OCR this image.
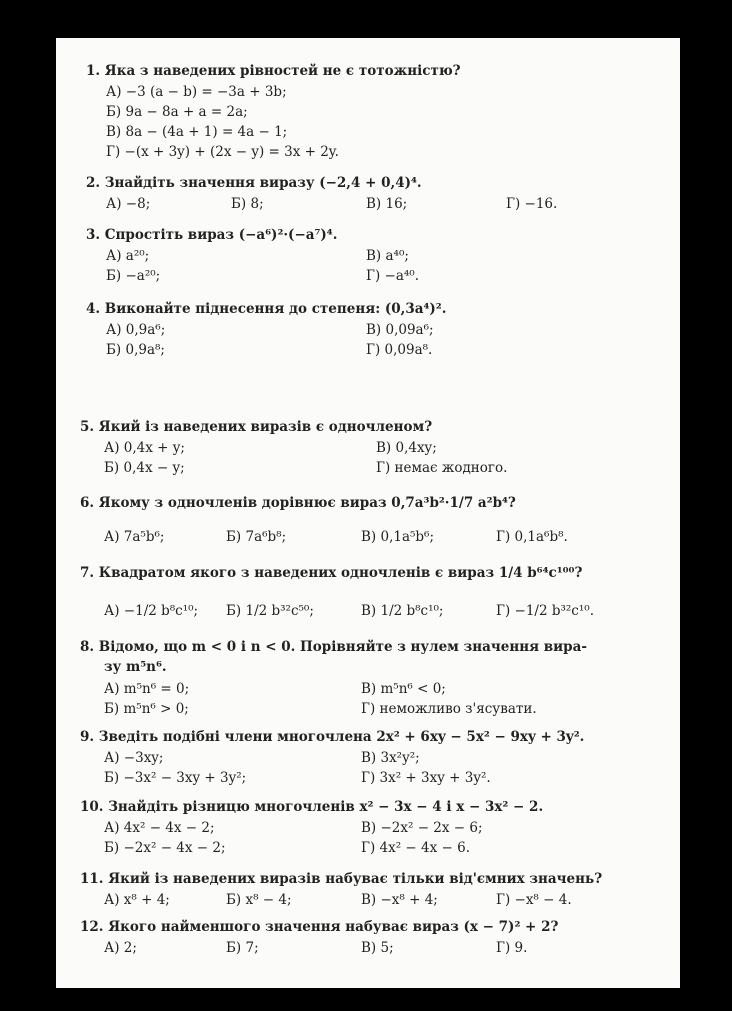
1. Яка з наведених рівностей не є тотожністю?
А) −3 (a − b) = −3a + 3b;
Б) 9a − 8a + a = 2a;
В) 8a − (4a + 1) = 4a − 1;
Г) −(x + 3y) + (2x − y) = 3x + 2y.
2. Знайдіть значення виразу (−2,4 + 0,4)⁴.
А) −8;	Б) 8;	В) 16;	Г) −16.
3. Спростіть вираз (−a⁶)²·(−a⁷)⁴.
А) a²⁰;	В) a⁴⁰;
Б) −a²⁰;	Г) −a⁴⁰.
4. Виконайте піднесення до степеня: (0,3a⁴)².
А) 0,9a⁶;	В) 0,09a⁶;
Б) 0,9a⁸;	Г) 0,09a⁸.
5. Який із наведених виразів є одночленом?
А) 0,4x + y;	В) 0,4xy;
Б) 0,4x − y;	Г) немає жодного.
6. Якому з одночленів дорівнює вираз 0,7a³b²·1/7 a²b⁴?
А) 7a⁵b⁶;	Б) 7a⁶b⁸;	В) 0,1a⁵b⁶;	Г) 0,1a⁶b⁸.
7. Квадратом якого з наведених одночленів є вираз 1/4 b⁶⁴c¹⁰⁰?
А) −1/2 b⁸c¹⁰; Б) 1/2 b³²c⁵⁰;	В) 1/2 b⁸c¹⁰;	Г) −1/2 b³²c¹⁰.
8. Відомо, що m < 0 і n < 0. Порівняйте з нулем значення вира-
зу m⁵n⁶.
А) m⁵n⁶ = 0;	В) m⁵n⁶ < 0;
Б) m⁵n⁶ > 0;	Г) неможливо з'ясувати.
9. Зведіть подібні члени многочлена 2x² + 6xy − 5x² − 9xy + 3y².
А) −3xy;	В) 3x²y²;
Б) −3x² − 3xy + 3y²;	Г) 3x² + 3xy + 3y².
10. Знайдіть різницю многочленів x² − 3x − 4 і x − 3x² − 2.
А) 4x² − 4x − 2;	В) −2x² − 2x − 6;
Б) −2x² − 4x − 2;	Г) 4x² − 4x − 6.
11. Який із наведених виразів набуває тільки від'ємних значень?
А) x⁸ + 4;	Б) x⁸ − 4;	В) −x⁸ + 4;	Г) −x⁸ − 4.
12. Якого найменшого значення набуває вираз (x − 7)² + 2?
А) 2;	Б) 7;	В) 5;	Г) 9.
